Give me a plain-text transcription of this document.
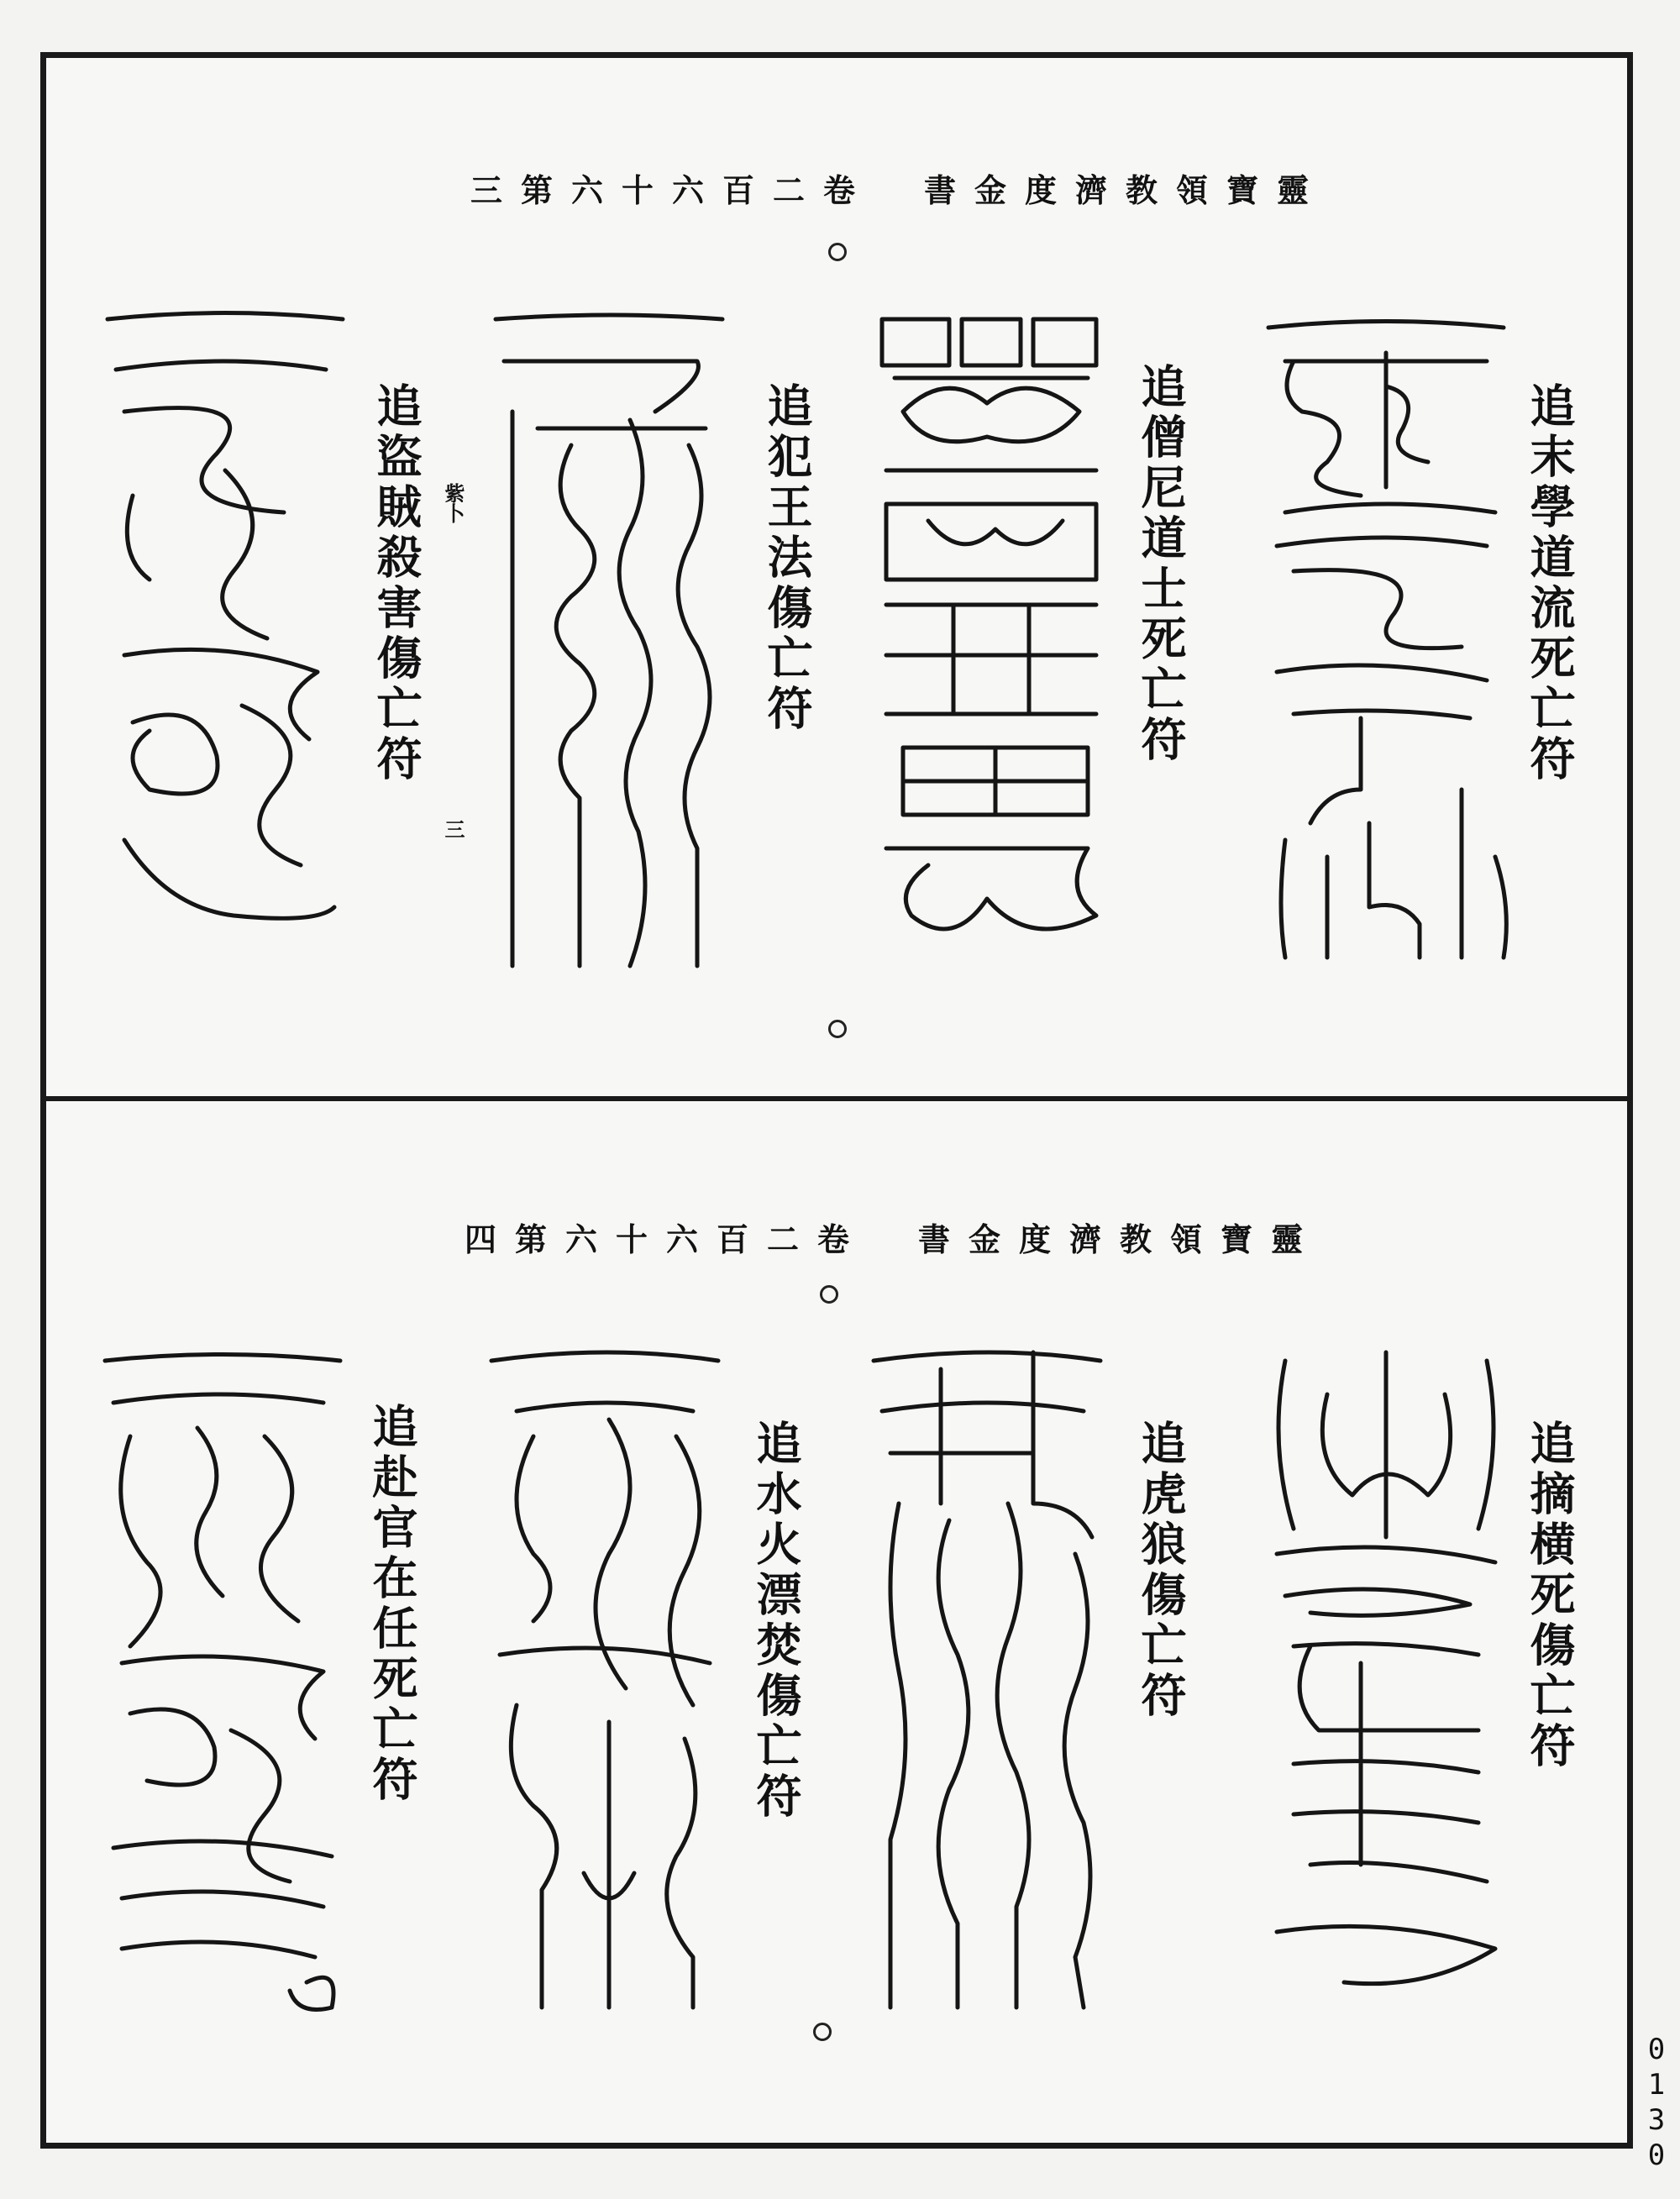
三第六十六百二卷　書金度濟教領寶靈
追末學道流死亡符
追僧尼道士死亡符
追犯王法傷亡符
追盜賊殺害傷亡符 紫卜
三
四第六十六百二卷　書金度濟教領寶靈
追摘横死傷亡符
追虎狼傷亡符
追水火漂焚傷亡符
追赴官在任死亡符
0130
